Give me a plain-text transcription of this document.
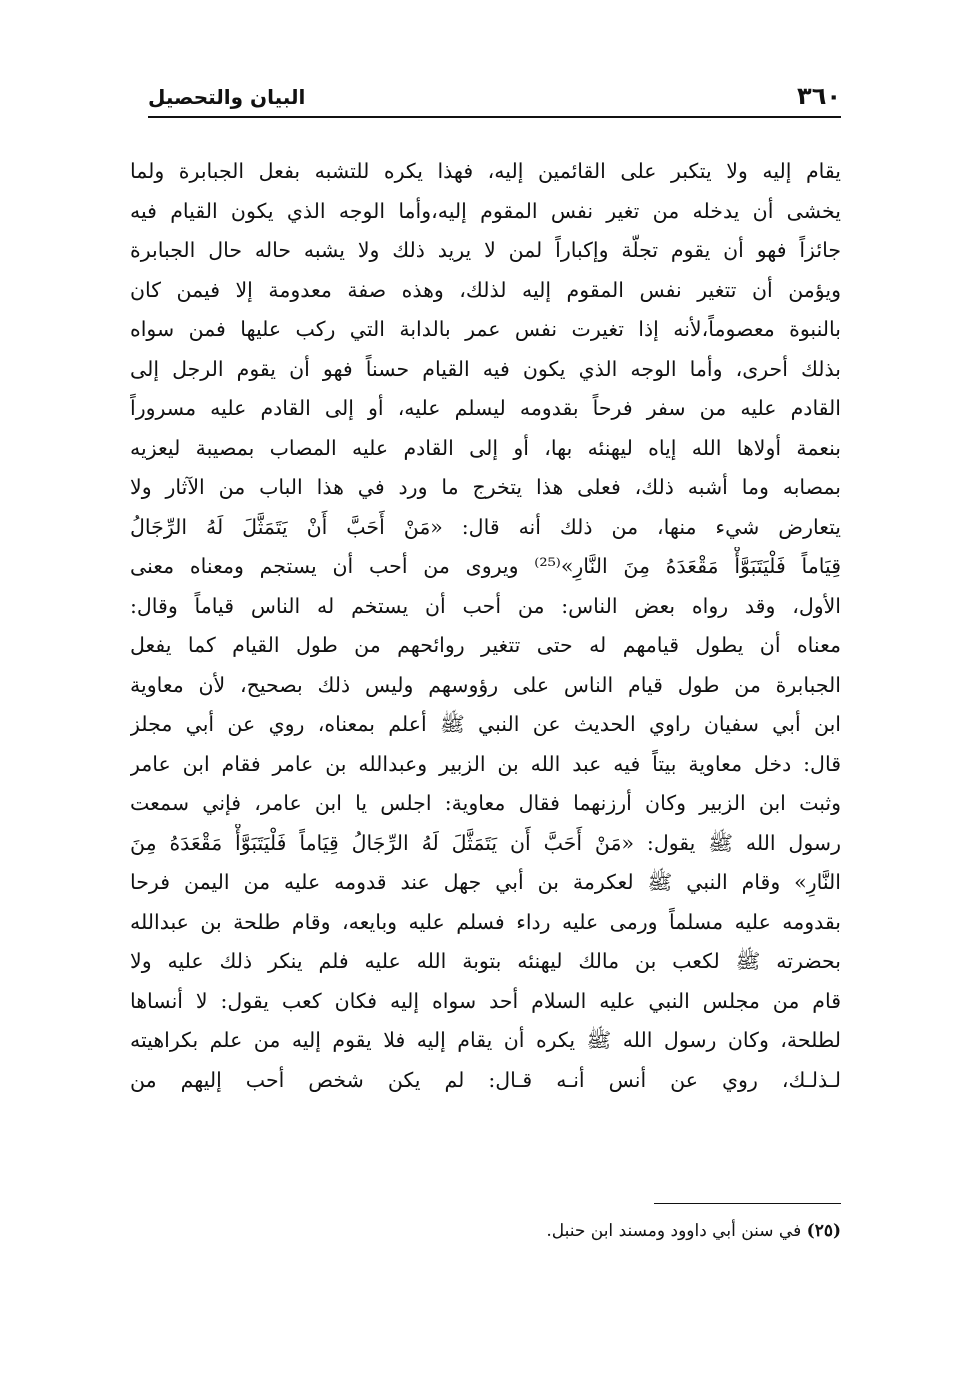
٣٦٠
البيان والتحصيل
يقام إليه ولا يتكبر على القائمين إليه، فهذا يكره للتشبه بفعل الجبابرة ولما
يخشى أن يدخله من تغير نفس المقوم إليه،وأما الوجه الذي يكون القيام فيه
جائزاً فهو أن يقوم تجلّة وإكباراً لمن لا يريد ذلك ولا يشبه حاله حال الجبابرة
ويؤمن أن تتغير نفس المقوم إليه لذلك، وهذه صفة معدومة إلا فيمن كان
بالنبوة معصوماً،لأنه إذا تغيرت نفس عمر بالدابة التي ركب عليها فمن سواه
بذلك أحرى، وأما الوجه الذي يكون فيه القيام حسناً فهو أن يقوم الرجل إلى
القادم عليه من سفر فرحاً بقدومه ليسلم عليه، أو إلى القادم عليه مسروراً
بنعمة أولاها الله إياه ليهنئه بها، أو إلى القادم عليه المصاب بمصيبة ليعزيه
بمصابه وما أشبه ذلك، فعلى هذا يتخرج ما ورد في هذا الباب من الآثار ولا
يتعارض شيء منها، من ذلك أنه قال: «مَنْ أَحَبَّ أَنْ يَتَمَثَّلَ لَهُ الرِّجَالُ
قِيَاماً فَلْيَتَبَوَّأْ مَقْعَدَهُ مِنَ النَّارِ»⁽²⁵⁾ ويروى من أحب أن يستجم ومعناه معنى
الأول، وقد رواه بعض الناس: من أحب أن يستخم له الناس قياماً وقال:
معناه أن يطول قيامهم له حتى تتغير روائحهم من طول القيام كما يفعل
الجبابرة من طول قيام الناس على رؤوسهم وليس ذلك بصحيح، لأن معاوية
ابن أبي سفيان راوي الحديث عن النبي ﷺ أعلم بمعناه، روي عن أبي مجلز
قال: دخل معاوية بيتاً فيه عبد الله بن الزبير وعبدالله بن عامر فقام ابن عامر
وثبت ابن الزبير وكان أرزنهما فقال معاوية: اجلس يا ابن عامر، فإني سمعت
رسول الله ﷺ يقول: «مَنْ أَحَبَّ أَن يَتَمَثَّلَ لَهُ الرِّجَالُ قِيَاماً فَلْيَتَبَوَّأْ مَقْعَدَهُ مِنَ
النَّارِ» وقام النبي ﷺ لعكرمة بن أبي جهل عند قدومه عليه من اليمن فرحا
بقدومه عليه مسلماً ورمى عليه رداء فسلم عليه وبايعه، وقام طلحة بن عبدالله
بحضرته ﷺ لكعب بن مالك ليهنئه بتوبة الله عليه فلم ينكر ذلك عليه ولا
قام من مجلس النبي عليه السلام أحد سواه إليه فكان كعب يقول: لا أنساها
لطلحة، وكان رسول الله ﷺ يكره أن يقام إليه فلا يقوم إليه من علم بكراهيته
لـذلـك، روي عن أنس أنـه قـال: لم يكن شخص أحب إليهم من
(٢٥) في سنن أبي داوود ومسند ابن حنبل.
